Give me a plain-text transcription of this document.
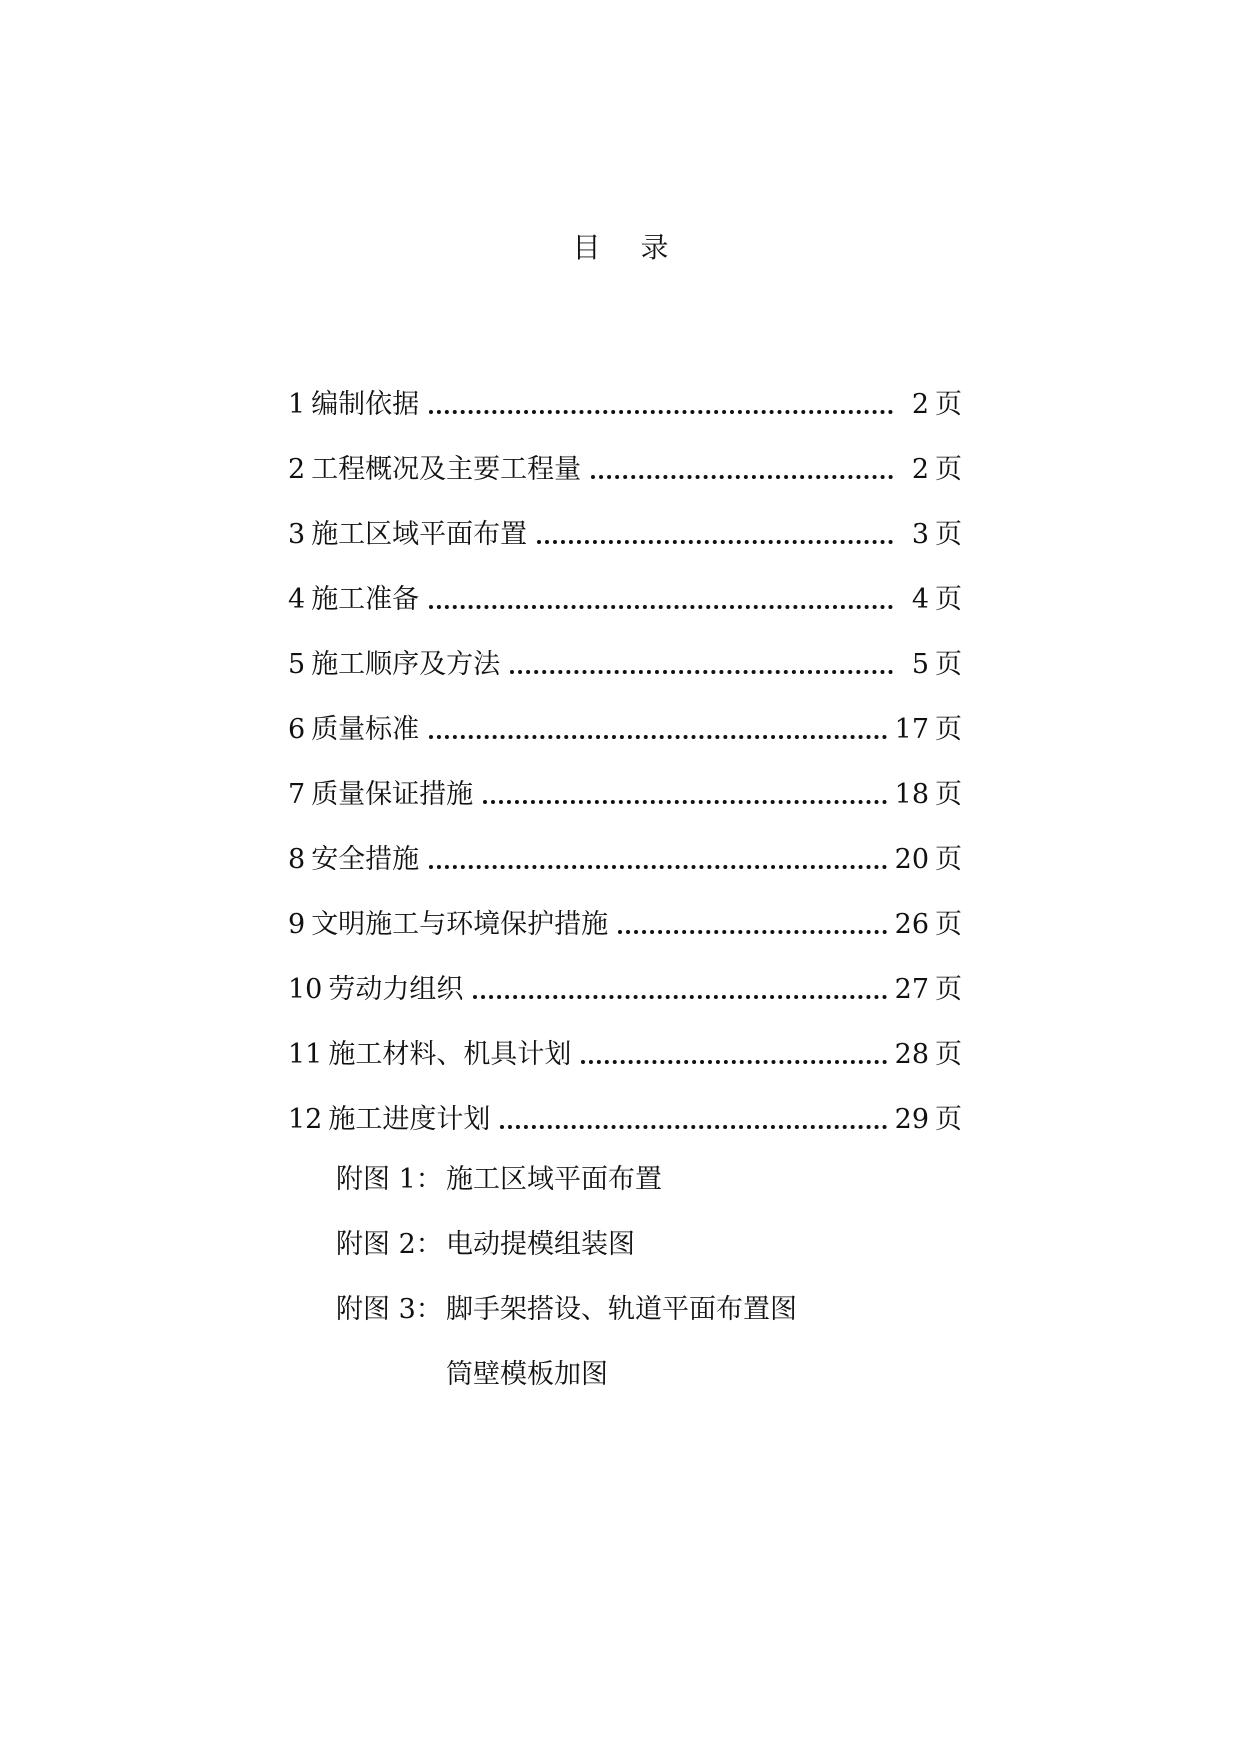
目 录
1 编制依据	2 页
2 工程概况及主要工程量	2 页
3 施工区域平面布置	3 页
4 施工准备	4 页
5 施工顺序及方法	5 页
6 质量标准	17 页
7 质量保证措施	18 页
8 安全措施	20 页
9 文明施工与环境保护措施	26 页
10 劳动力组织	27 页
11 施工材料、机具计划	28 页
12 施工进度计划	29 页
附图 1： 施工区域平面布置
附图 2： 电动提模组装图
附图 3： 脚手架搭设、轨道平面布置图
筒壁模板加图
